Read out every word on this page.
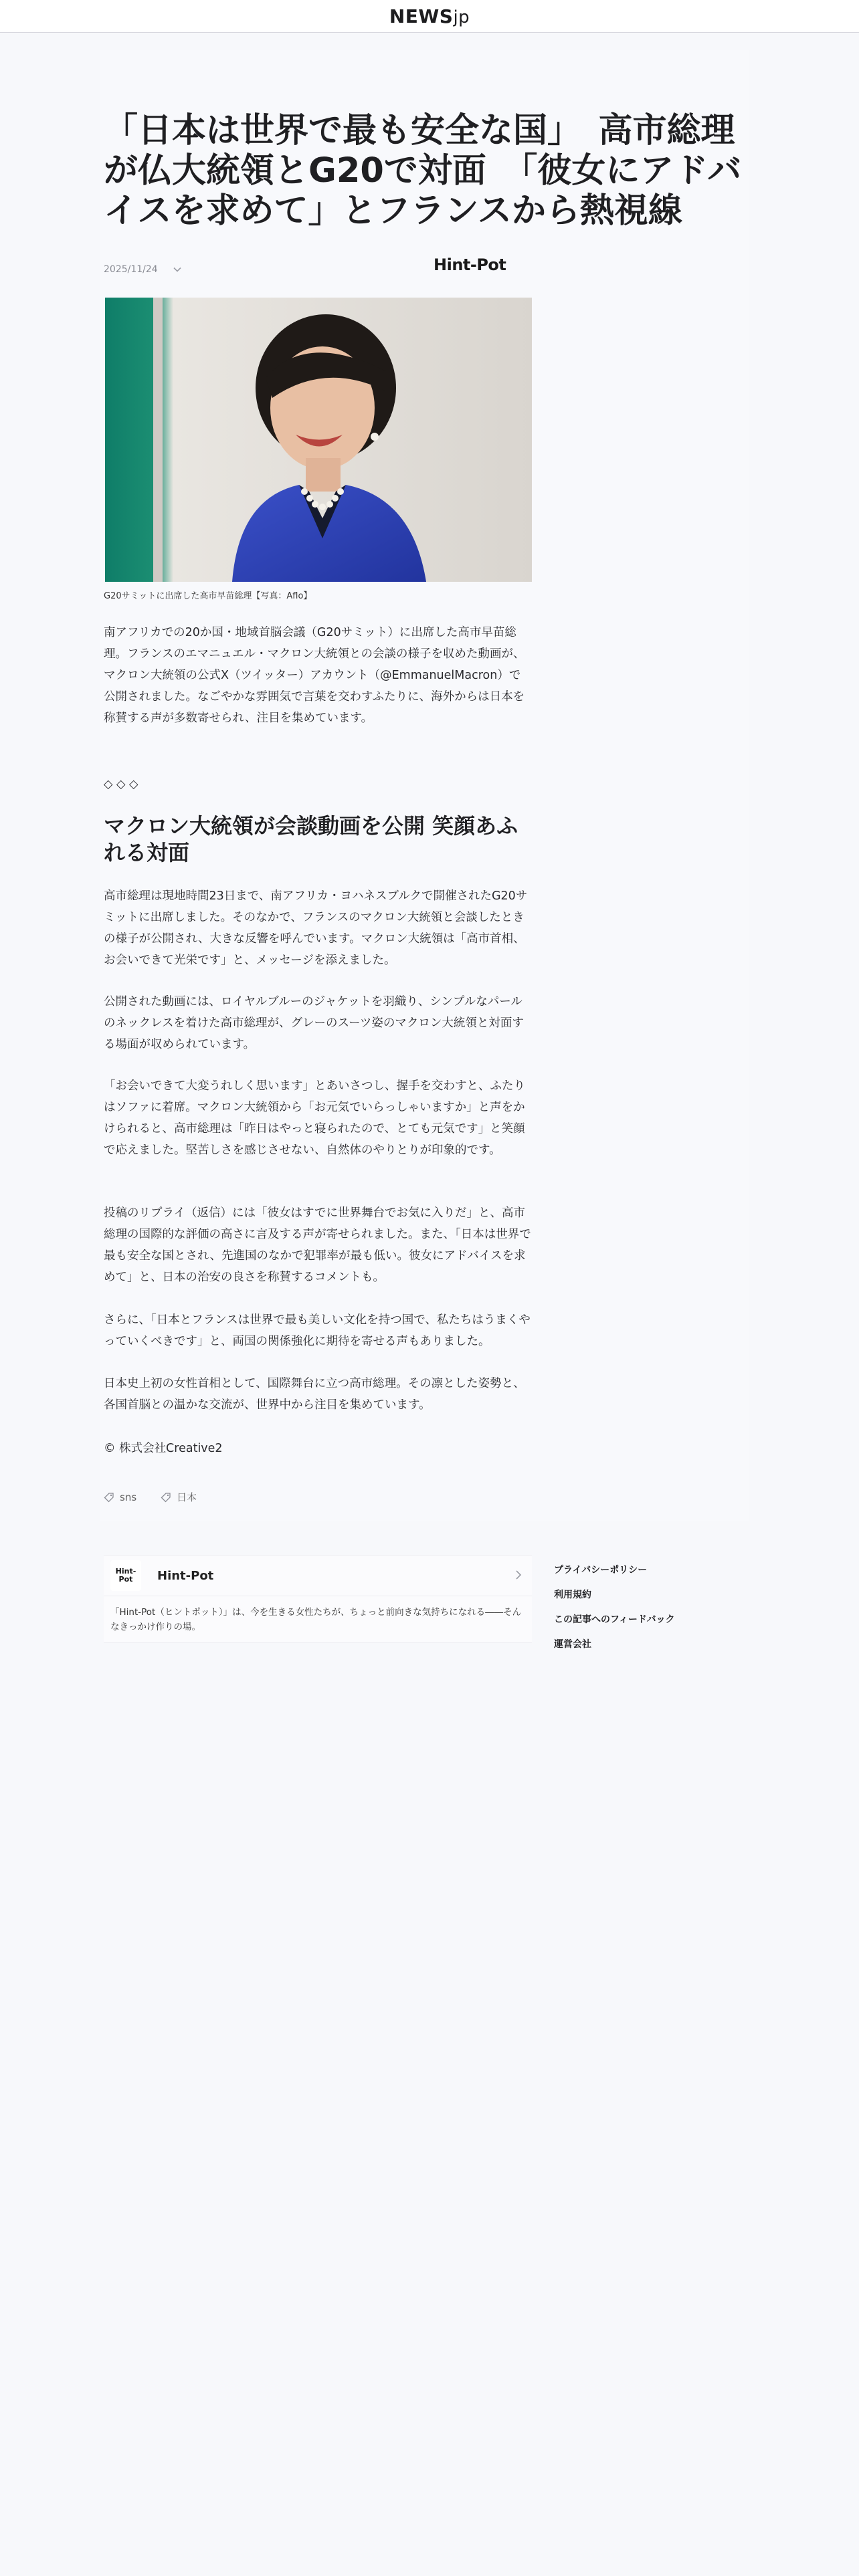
NEWSjp
「日本は世界で最も安全な国」　高市総理が仏大統領とG20で対面　「彼女にアドバイスを求めて」とフランスから熱視線
2025/11/24	Hint-Pot

G20サミットに出席した高市早苗総理【写真：Aflo】

南アフリカでの20か国・地域首脳会議（G20サミット）に出席した高市早苗総理。フランスのエマニュエル・マクロン大統領との会談の様子を収めた動画が、マクロン大統領の公式X（ツイッター）アカウント（@EmmanuelMacron）で公開されました。なごやかな雰囲気で言葉を交わすふたりに、海外からは日本を称賛する声が多数寄せられ、注目を集めています。

◇ ◇ ◇

マクロン大統領が会談動画を公開 笑顔あふれる対面

高市総理は現地時間23日まで、南アフリカ・ヨハネスブルクで開催されたG20サミットに出席しました。そのなかで、フランスのマクロン大統領と会談したときの様子が公開され、大きな反響を呼んでいます。マクロン大統領は「高市首相、お会いできて光栄です」と、メッセージを添えました。

公開された動画には、ロイヤルブルーのジャケットを羽織り、シンプルなパールのネックレスを着けた高市総理が、グレーのスーツ姿のマクロン大統領と対面する場面が収められています。

「お会いできて大変うれしく思います」とあいさつし、握手を交わすと、ふたりはソファに着席。マクロン大統領から「お元気でいらっしゃいますか」と声をかけられると、高市総理は「昨日はやっと寝られたので、とても元気です」と笑顔で応えました。堅苦しさを感じさせない、自然体のやりとりが印象的です。

投稿のリプライ（返信）には「彼女はすでに世界舞台でお気に入りだ」と、高市総理の国際的な評価の高さに言及する声が寄せられました。また、「日本は世界で最も安全な国とされ、先進国のなかで犯罪率が最も低い。彼女にアドバイスを求めて」と、日本の治安の良さを称賛するコメントも。

さらに、「日本とフランスは世界で最も美しい文化を持つ国で、私たちはうまくやっていくべきです」と、両国の関係強化に期待を寄せる声もありました。

日本史上初の女性首相として、国際舞台に立つ高市総理。その凛とした姿勢と、各国首脳との温かな交流が、世界中から注目を集めています。

© 株式会社Creative2

sns	日本
Hint-Pot	Hint-Pot

「Hint-Pot（ヒントポット）」は、今を生きる女性たちが、ちょっと前向きな気持ちになれる――そんなきっかけ作りの場。

プライバシーポリシー
利用規約
この記事へのフィードバック
運営会社
